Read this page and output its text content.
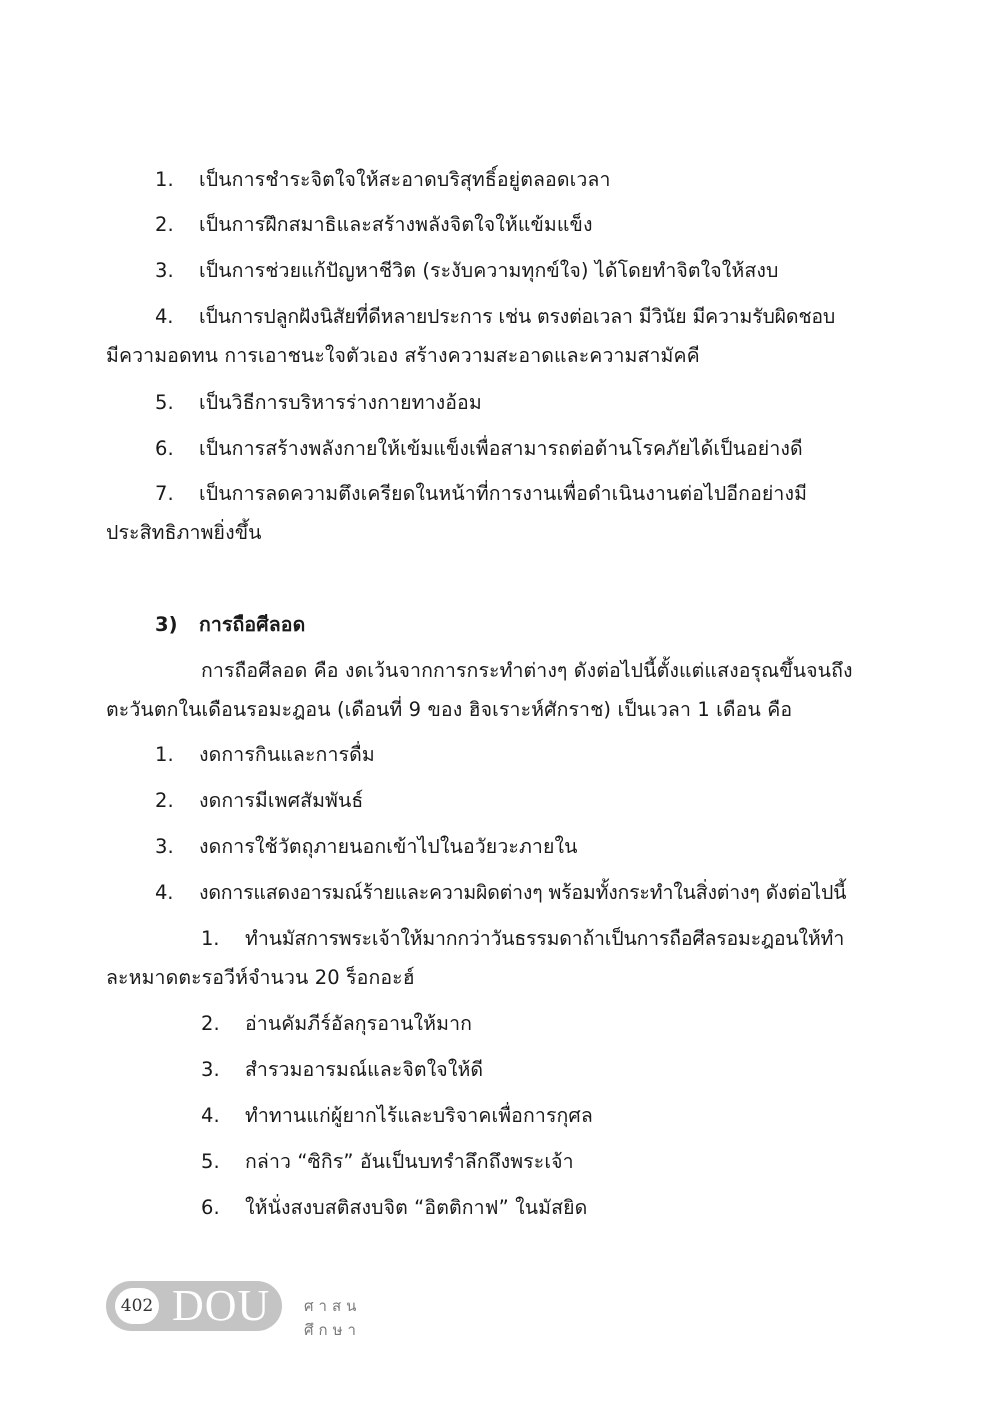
1. เป็นการชำระจิตใจให้สะอาดบริสุทธิ์อยู่ตลอดเวลา
2. เป็นการฝึกสมาธิและสร้างพลังจิตใจให้แข้มแข็ง
3. เป็นการช่วยแก้ปัญหาชีวิต (ระงับความทุกข์ใจ) ได้โดยทำจิตใจให้สงบ
4. เป็นการปลูกฝังนิสัยที่ดีหลายประการ เช่น ตรงต่อเวลา มีวินัย มีความรับผิดชอบ
มีความอดทน การเอาชนะใจตัวเอง สร้างความสะอาดและความสามัคคี
5. เป็นวิธีการบริหารร่างกายทางอ้อม
6. เป็นการสร้างพลังกายให้เข้มแข็งเพื่อสามารถต่อต้านโรคภัยได้เป็นอย่างดี
7. เป็นการลดความตึงเครียดในหน้าที่การงานเพื่อดำเนินงานต่อไปอีกอย่างมี
ประสิทธิภาพยิ่งขึ้น
3) การถือศีลอด
การถือศีลอด คือ งดเว้นจากการกระทำต่างๆ ดังต่อไปนี้ตั้งแต่แสงอรุณขึ้นจนถึง
ตะวันตกในเดือนรอมะฎอน (เดือนที่ 9 ของ ฮิจเราะห์ศักราช) เป็นเวลา 1 เดือน คือ
1. งดการกินและการดื่ม
2. งดการมีเพศสัมพันธ์
3. งดการใช้วัตถุภายนอกเข้าไปในอวัยวะภายใน
4. งดการแสดงอารมณ์ร้ายและความผิดต่างๆ พร้อมทั้งกระทำในสิ่งต่างๆ ดังต่อไปนี้
1. ทำนมัสการพระเจ้าให้มากกว่าวันธรรมดาถ้าเป็นการถือศีลรอมะฎอนให้ทำ
ละหมาดตะรอวีห์จำนวน 20 ร็อกอะฮ์
2. อ่านคัมภีร์อัลกุรอานให้มาก
3. สำรวมอารมณ์และจิตใจให้ดี
4. ทำทานแก่ผู้ยากไร้และบริจาคเพื่อการกุศล
5. กล่าว “ซิกิร” อันเป็นบทรำลึกถึงพระเจ้า
6. ให้นั่งสงบสติสงบจิต “อิตติกาฟ” ในมัสยิด
402 DOU ศาสนศึกษา
